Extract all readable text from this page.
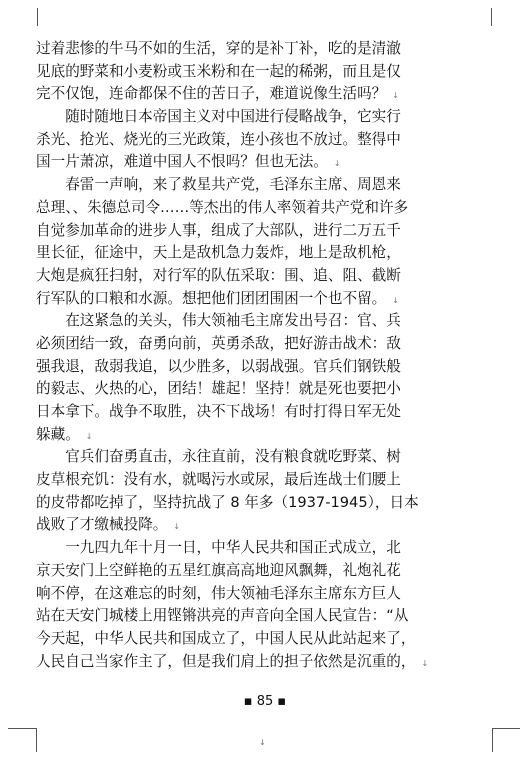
过着悲惨的牛马不如的生活，穿的是补丁补，吃的是清澈
见底的野菜和小麦粉或玉米粉和在一起的稀粥，而且是仅
完不仅饱，连命都保不住的苦日子，难道说像生活吗？ ↓
　　随时随地日本帝国主义对中国进行侵略战争，它实行
杀光、抢光、烧光的三光政策，连小孩也不放过。整得中
国一片萧凉，难道中国人不恨吗？但也无法。 ↓
　　春雷一声响，来了救星共产党，毛泽东主席、周恩来
总理、、朱德总司令……等杰出的伟人率领着共产党和许多
自觉参加革命的进步人事，组成了大部队，进行二万五千
里长征，征途中，天上是敌机急力轰炸，地上是敌机枪，
大炮是疯狂扫射，对行军的队伍采取：围、追、阻、截断
行军队的口粮和水源。想把他们团团围困一个也不留。 ↓
　　在这紧急的关头，伟大领袖毛主席发出号召：官、兵
必须团结一致，奋勇向前，英勇杀敌，把好游击战术：敌
强我退，敌弱我追，以少胜多，以弱战强。官兵们钢铁般
的毅志、火热的心，团结！雄起！坚持！就是死也要把小
日本拿下。战争不取胜，决不下战场！有时打得日军无处
躲藏。 ↓
　　官兵们奋勇直击，永往直前，没有粮食就吃野菜、树
皮草根充饥：没有水，就喝污水或尿，最后连战士们腰上
的皮带都吃掉了，坚持抗战了 8 年多（1937-1945），日本
战败了才缴械投降。 ↓
　　一九四九年十月一日，中华人民共和国正式成立，北
京天安门上空鲜艳的五星红旗高高地迎风飘舞，礼炮礼花
响不停，在这难忘的时刻，伟大领袖毛泽东主席东方巨人
站在天安门城楼上用铿锵洪亮的声音向全国人民宣告：“从
今天起，中华人民共和国成立了，中国人民从此站起来了，
人民自己当家作主了，但是我们肩上的担子依然是沉重的， ↓
▪ 85 ▪
↓
